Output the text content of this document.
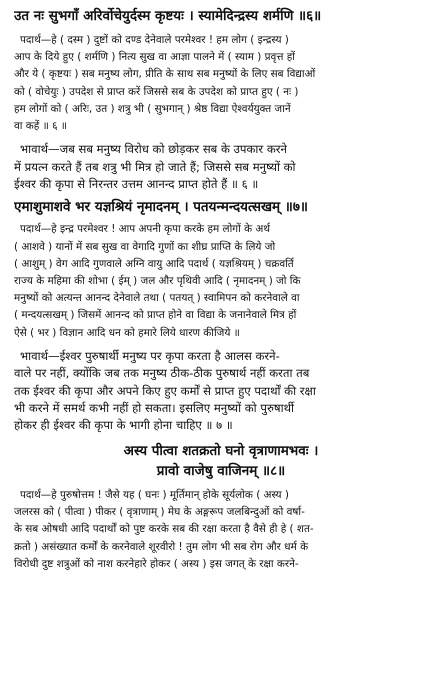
उत नः सुभगाँ अरिर्वोचेयुर्दस्म कृष्टयः । स्यामेदिन्द्रस्य शर्मणि ॥६॥
पदार्थ—हे ( दस्म ) दुष्टों को दण्ड देनेवाले परमेश्वर ! हम लोग ( इन्द्रस्य )
आप के दिये हुए ( शर्मणि ) नित्य सुख वा आज्ञा पालने में ( स्याम ) प्रवृत्त हों
और ये ( कृष्टयः ) सब मनुष्य लोग, प्रीति के साथ सब मनुष्यों के लिए सब विद्याओं
को ( वोचेयुः ) उपदेश से प्राप्त करें जिससे सब के उपदेश को प्राप्त हुए ( नः )
हम लोगों को ( अरिः, उत ) शत्रु भी ( सुभगान् ) श्रेष्ठ विद्या ऐश्वर्ययुक्त जानें
वा कहें ॥ ६ ॥
भावार्थ—जब सब मनुष्य विरोध को छोड़कर सब के उपकार करने
में प्रयत्न करते हैं तब शत्रु भी मित्र हो जाते हैं; जिससे सब मनुष्यों को
ईश्वर की कृपा से निरन्तर उत्तम आनन्द प्राप्त होते हैं ॥ ६ ॥
एमाशुमाशवे भर यज्ञश्रियं नृमादनम् । पतयन्मन्दयत्सखम् ॥७॥
पदार्थ—हे इन्द्र परमेश्वर ! आप अपनी कृपा करके हम लोगों के अर्थ
( आशवे ) यानों में सब सुख वा वेगादि गुणों का शीघ्र प्राप्ति के लिये जो
( आशुम् ) वेग आदि गुणवाले अग्नि वायु आदि पदार्थ ( यज्ञश्रियम् ) चक्रवर्ति
राज्य के महिमा की शोभा ( ईम् ) जल और पृथिवी आदि ( नृमादनम् ) जो कि
मनुष्यों को अत्यन्त आनन्द देनेवाले तथा ( पतयत् ) स्वामिपन को करनेवाले वा
( मन्दयत्सखम् ) जिसमें आनन्द को प्राप्त होने वा विद्या के जनानेवाले मित्र हों
ऐसे ( भर ) विज्ञान आदि धन को हमारे लिये धारण कीजिये ॥
भावार्थ—ईश्वर पुरुषार्थी मनुष्य पर कृपा करता है आलस करने-
वाले पर नहीं, क्योंकि जब तक मनुष्य ठीक-ठीक पुरुषार्थ नहीं करता तब
तक ईश्वर की कृपा और अपने किए हुए कर्मों से प्राप्त हुए पदार्थों की रक्षा
भी करने में समर्थ कभी नहीं हो सकता। इसलिए मनुष्यों को पुरुषार्थी
होकर ही ईश्वर की कृपा के भागी होना चाहिए ॥ ७ ॥
अस्य पीत्वा शतक्रतो घनो वृत्राणामभवः ।
प्रावो वाजेषु वाजिनम् ॥८॥
पदार्थ—हे पुरुषोत्तम ! जैसे यह ( घनः ) मूर्तिमान् होके सूर्यलोक ( अस्य )
जलरस को ( पीत्वा ) पीकर ( वृत्राणाम् ) मेघ के अङ्गरूप जलबिन्दुओं को वर्षा-
के सब ओषधी आदि पदार्थों को पुष्ट करके सब की रक्षा करता है वैसे ही हे ( शत-
क्रतो ) असंख्यात कर्मों के करनेवाले शूरवीरो ! तुम लोग भी सब रोग और धर्म के
विरोधी दुष्ट शत्रुओं को नाश करनेहारे होकर ( अस्य ) इस जगत् के रक्षा करने-
